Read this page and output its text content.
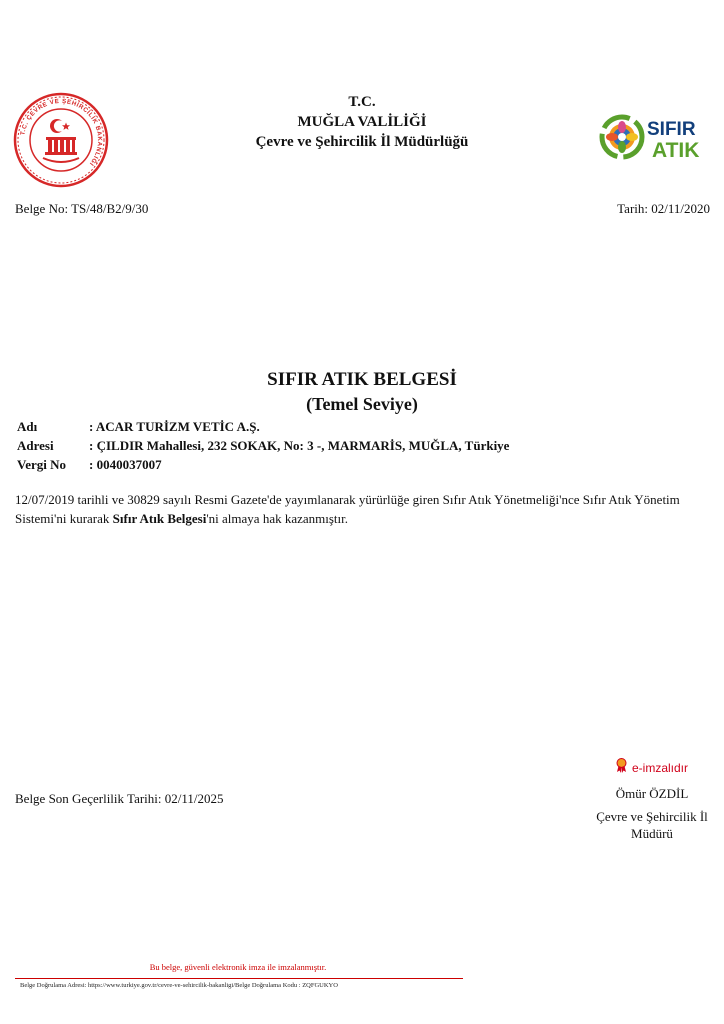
T.C. ÇEVRE VE ŞEHİRCİLİK BAKANLIĞI
T.C.
MUĞLA VALİLİĞİ
Çevre ve Şehircilik İl Müdürlüğü
SIFIR
ATIK
Belge No: TS/48/B2/9/30	Tarih: 02/11/2020
SIFIR ATIK BELGESİ
(Temel Seviye)
Adı	: ACAR TURİZM VETİC A.Ş.
Adresi	: ÇILDIR Mahallesi, 232 SOKAK, No: 3 -, MARMARİS, MUĞLA, Türkiye
Vergi No	: 0040037007
12/07/2019 tarihli ve 30829 sayılı Resmi Gazete'de yayımlanarak yürürlüğe giren Sıfır Atık Yönetmeliği'nce Sıfır Atık Yönetim Sistemi'ni kurarak Sıfır Atık Belgesi'ni almaya hak kazanmıştır.
Belge Son Geçerlilik Tarihi: 02/11/2025
e-imzalıdır
Ömür ÖZDİL
Çevre ve Şehircilik İl
Müdürü
Bu belge, güvenli elektronik imza ile imzalanmıştır.
Belge Doğrulama Adresi: https://www.turkiye.gov.tr/cevre-ve-sehircilik-bakanligi/Belge Doğrulama Kodu : ZQFGUKYO
